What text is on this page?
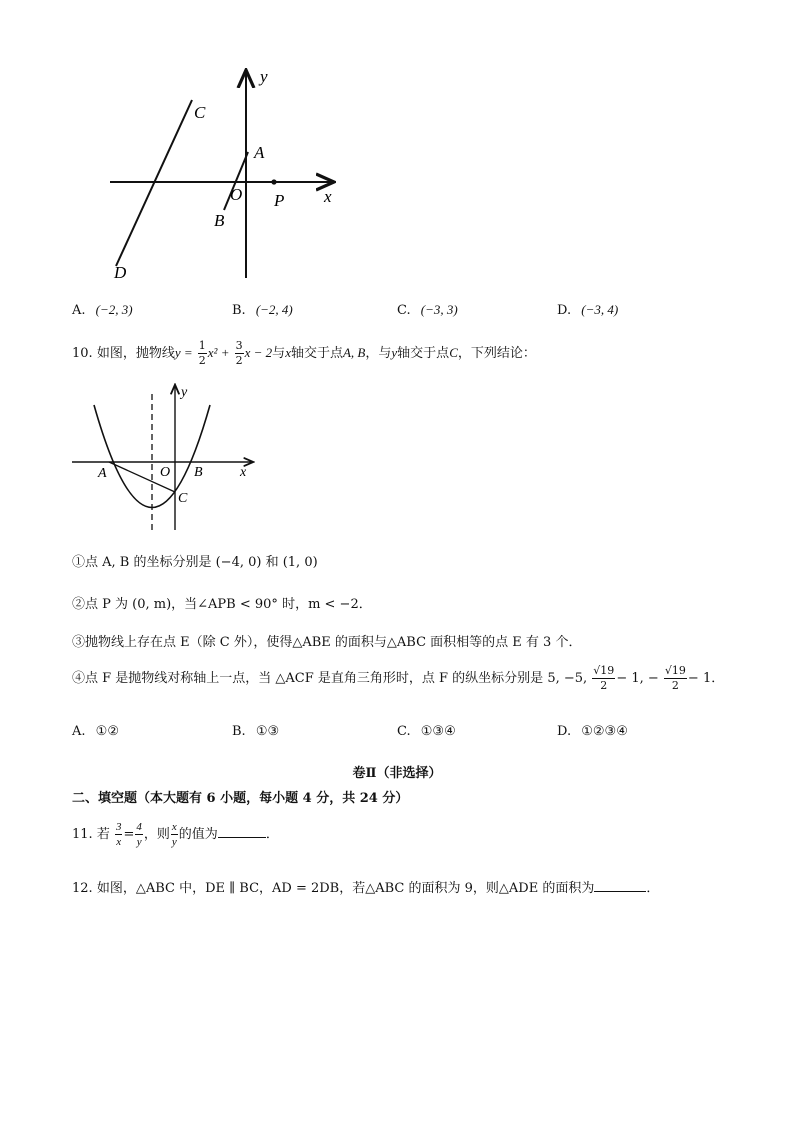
y
x
C
A
O P
B
D
A. (−2, 3)	B. (−2, 4)	C. (−3, 3)	D. (−3, 4)
10. 如图，抛物线$y = \frac{1}{2} x^2 + \frac{3}{2}$ x − 2与x轴交于点A, B，与y轴交于点C，下列结论：
y
x
A	O B
C
①点 A, B 的坐标分别是 (−4, 0) 和 (1, 0)
②点 P 为 (0, m)，当∠APB < 90° 时，m < −2．
③抛物线上存在点 E（除 C 外），使得△ABE 的面积与△ABC 面积相等的点 E 有 3 个．
④点 F 是抛物线对称轴上一点，当 △ACF 是直角三角形时，点 F 的纵坐标分别是 5, −5, $\frac{√19}{2} - 1$, − $\frac{√19}{2} - 1$．
A. ①②	B. ①③	C. ①③④	D. ①②③④
卷Ⅱ（非选择）
二、填空题（本大题有 6 小题，每小题 4 分，共 24 分）
11. 若 $\frac{3}{x} = \frac{4}{y}$ ，则 $\frac{x}{y}$ 的值为	．
12. 如图，△ABC 中，DE ∥ BC，AD = 2DB，若△ABC 的面积为 9，则△ADE 的面积为	．
